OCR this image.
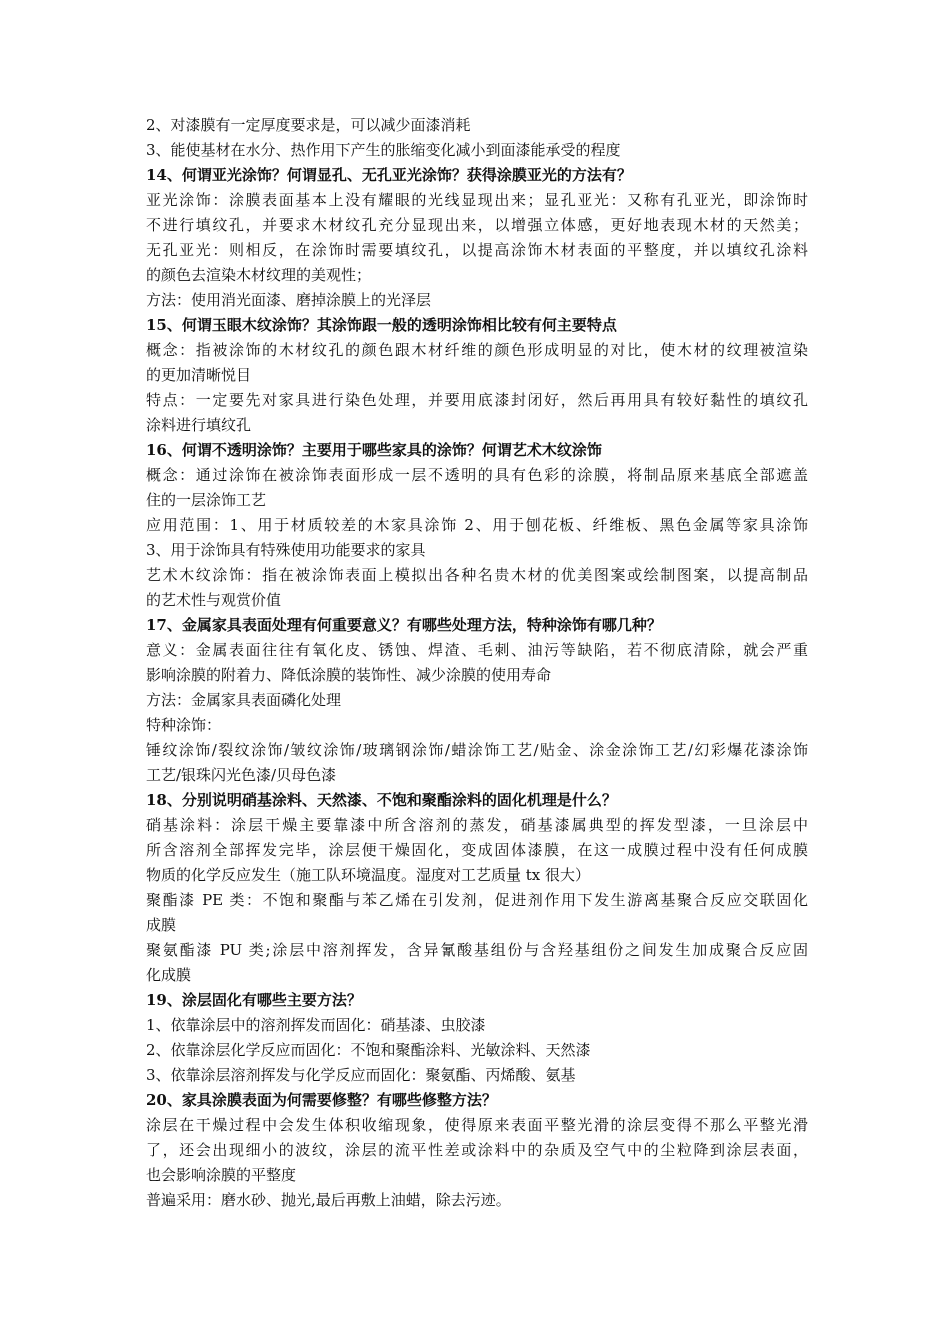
2、对漆膜有一定厚度要求是，可以减少面漆消耗
3、能使基材在水分、热作用下产生的胀缩变化减小到面漆能承受的程度
14、何谓亚光涂饰？何谓显孔、无孔亚光涂饰？获得涂膜亚光的方法有？
亚光涂饰：涂膜表面基本上没有耀眼的光线显现出来；显孔亚光：又称有孔亚光，即涂饰时
不进行填纹孔，并要求木材纹孔充分显现出来，以增强立体感，更好地表现木材的天然美；
无孔亚光：则相反，在涂饰时需要填纹孔，以提高涂饰木材表面的平整度，并以填纹孔涂料
的颜色去渲染木材纹理的美观性；
方法：使用消光面漆、磨掉涂膜上的光泽层
15、何谓玉眼木纹涂饰？其涂饰跟一般的透明涂饰相比较有何主要特点
概念：指被涂饰的木材纹孔的颜色跟木材纤维的颜色形成明显的对比，使木材的纹理被渲染
的更加清晰悦目
特点：一定要先对家具进行染色处理，并要用底漆封闭好，然后再用具有较好黏性的填纹孔
涂料进行填纹孔
16、何谓不透明涂饰？主要用于哪些家具的涂饰？何谓艺术木纹涂饰
概念：通过涂饰在被涂饰表面形成一层不透明的具有色彩的涂膜，将制品原来基底全部遮盖
住的一层涂饰工艺
应用范围：1、用于材质较差的木家具涂饰 2、用于刨花板、纤维板、黑色金属等家具涂饰
3、用于涂饰具有特殊使用功能要求的家具
艺术木纹涂饰：指在被涂饰表面上模拟出各种名贵木材的优美图案或绘制图案，以提高制品
的艺术性与观赏价值
17、金属家具表面处理有何重要意义？有哪些处理方法，特种涂饰有哪几种？
意义：金属表面往往有氧化皮、锈蚀、焊渣、毛刺、油污等缺陷，若不彻底清除，就会严重
影响涂膜的附着力、降低涂膜的装饰性、减少涂膜的使用寿命
方法：金属家具表面磷化处理
特种涂饰：
锤纹涂饰/裂纹涂饰/皱纹涂饰/玻璃钢涂饰/蜡涂饰工艺/贴金、涂金涂饰工艺/幻彩爆花漆涂饰
工艺/银珠闪光色漆/贝母色漆
18、分别说明硝基涂料、天然漆、不饱和聚酯涂料的固化机理是什么？
硝基涂料：涂层干燥主要靠漆中所含溶剂的蒸发，硝基漆属典型的挥发型漆，一旦涂层中
所含溶剂全部挥发完毕，涂层便干燥固化，变成固体漆膜，在这一成膜过程中没有任何成膜
物质的化学反应发生（施工队环境温度。湿度对工艺质量 tx 很大）
聚酯漆 PE 类：不饱和聚酯与苯乙烯在引发剂，促进剂作用下发生游离基聚合反应交联固化
成膜
聚氨酯漆 PU 类;涂层中溶剂挥发，含异氰酸基组份与含羟基组份之间发生加成聚合反应固
化成膜
19、涂层固化有哪些主要方法？
1、依靠涂层中的溶剂挥发而固化：硝基漆、虫胶漆
2、依靠涂层化学反应而固化：不饱和聚酯涂料、光敏涂料、天然漆
3、依靠涂层溶剂挥发与化学反应而固化：聚氨酯、丙烯酸、氨基
20、家具涂膜表面为何需要修整？有哪些修整方法？
涂层在干燥过程中会发生体积收缩现象，使得原来表面平整光滑的涂层变得不那么平整光滑
了，还会出现细小的波纹，涂层的流平性差或涂料中的杂质及空气中的尘粒降到涂层表面，
也会影响涂膜的平整度
普遍采用：磨水砂、抛光,最后再敷上油蜡，除去污迹。
